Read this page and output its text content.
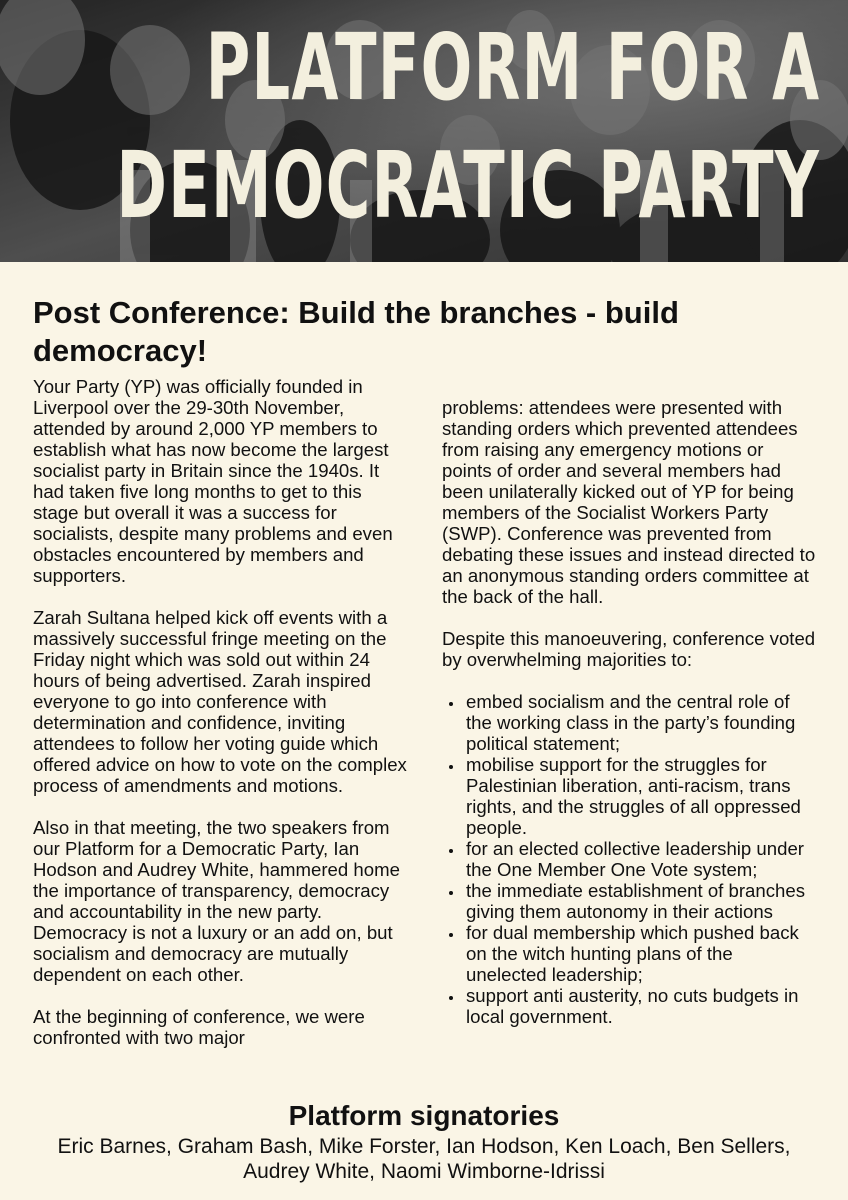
PLATFORM FOR A
DEMOCRATIC PARTY
Post Conference: Build the branches - build democracy!

Your Party (YP) was officially founded in Liverpool over the 29-30th November, attended by around 2,000 YP members to establish what has now become the largest socialist party in Britain since the 1940s. It had taken five long months to get to this stage but overall it was a success for socialists, despite many problems and even obstacles encountered by members and supporters.

Zarah Sultana helped kick off events with a massively successful fringe meeting on the Friday night which was sold out within 24 hours of being advertised. Zarah inspired everyone to go into conference with determination and confidence, inviting attendees to follow her voting guide which offered advice on how to vote on the complex process of amendments and motions.

Also in that meeting, the two speakers from our Platform for a Democratic Party, Ian Hodson and Audrey White, hammered home the importance of transparency, democracy and accountability in the new party. Democracy is not a luxury or an add on, but socialism and democracy are mutually dependent on each other.

At the beginning of conference, we were confronted with two major

problems: attendees were presented with standing orders which prevented attendees from raising any emergency motions or points of order and several members had been unilaterally kicked out of YP for being members of the Socialist Workers Party (SWP). Conference was prevented from debating these issues and instead directed to an anonymous standing orders committee at the back of the hall.

Despite this manoeuvering, conference voted by overwhelming majorities to:

• embed socialism and the central role of the working class in the party’s founding political statement;
• mobilise support for the struggles for Palestinian liberation, anti-racism, trans rights, and the struggles of all oppressed people.
• for an elected collective leadership under the One Member One Vote system;
• the immediate establishment of branches giving them autonomy in their actions
• for dual membership which pushed back on the witch hunting plans of the unelected leadership;
• support anti austerity, no cuts budgets in local government.
Platform signatories
Eric Barnes, Graham Bash, Mike Forster, Ian Hodson, Ken Loach, Ben Sellers, Audrey White, Naomi Wimborne-Idrissi
